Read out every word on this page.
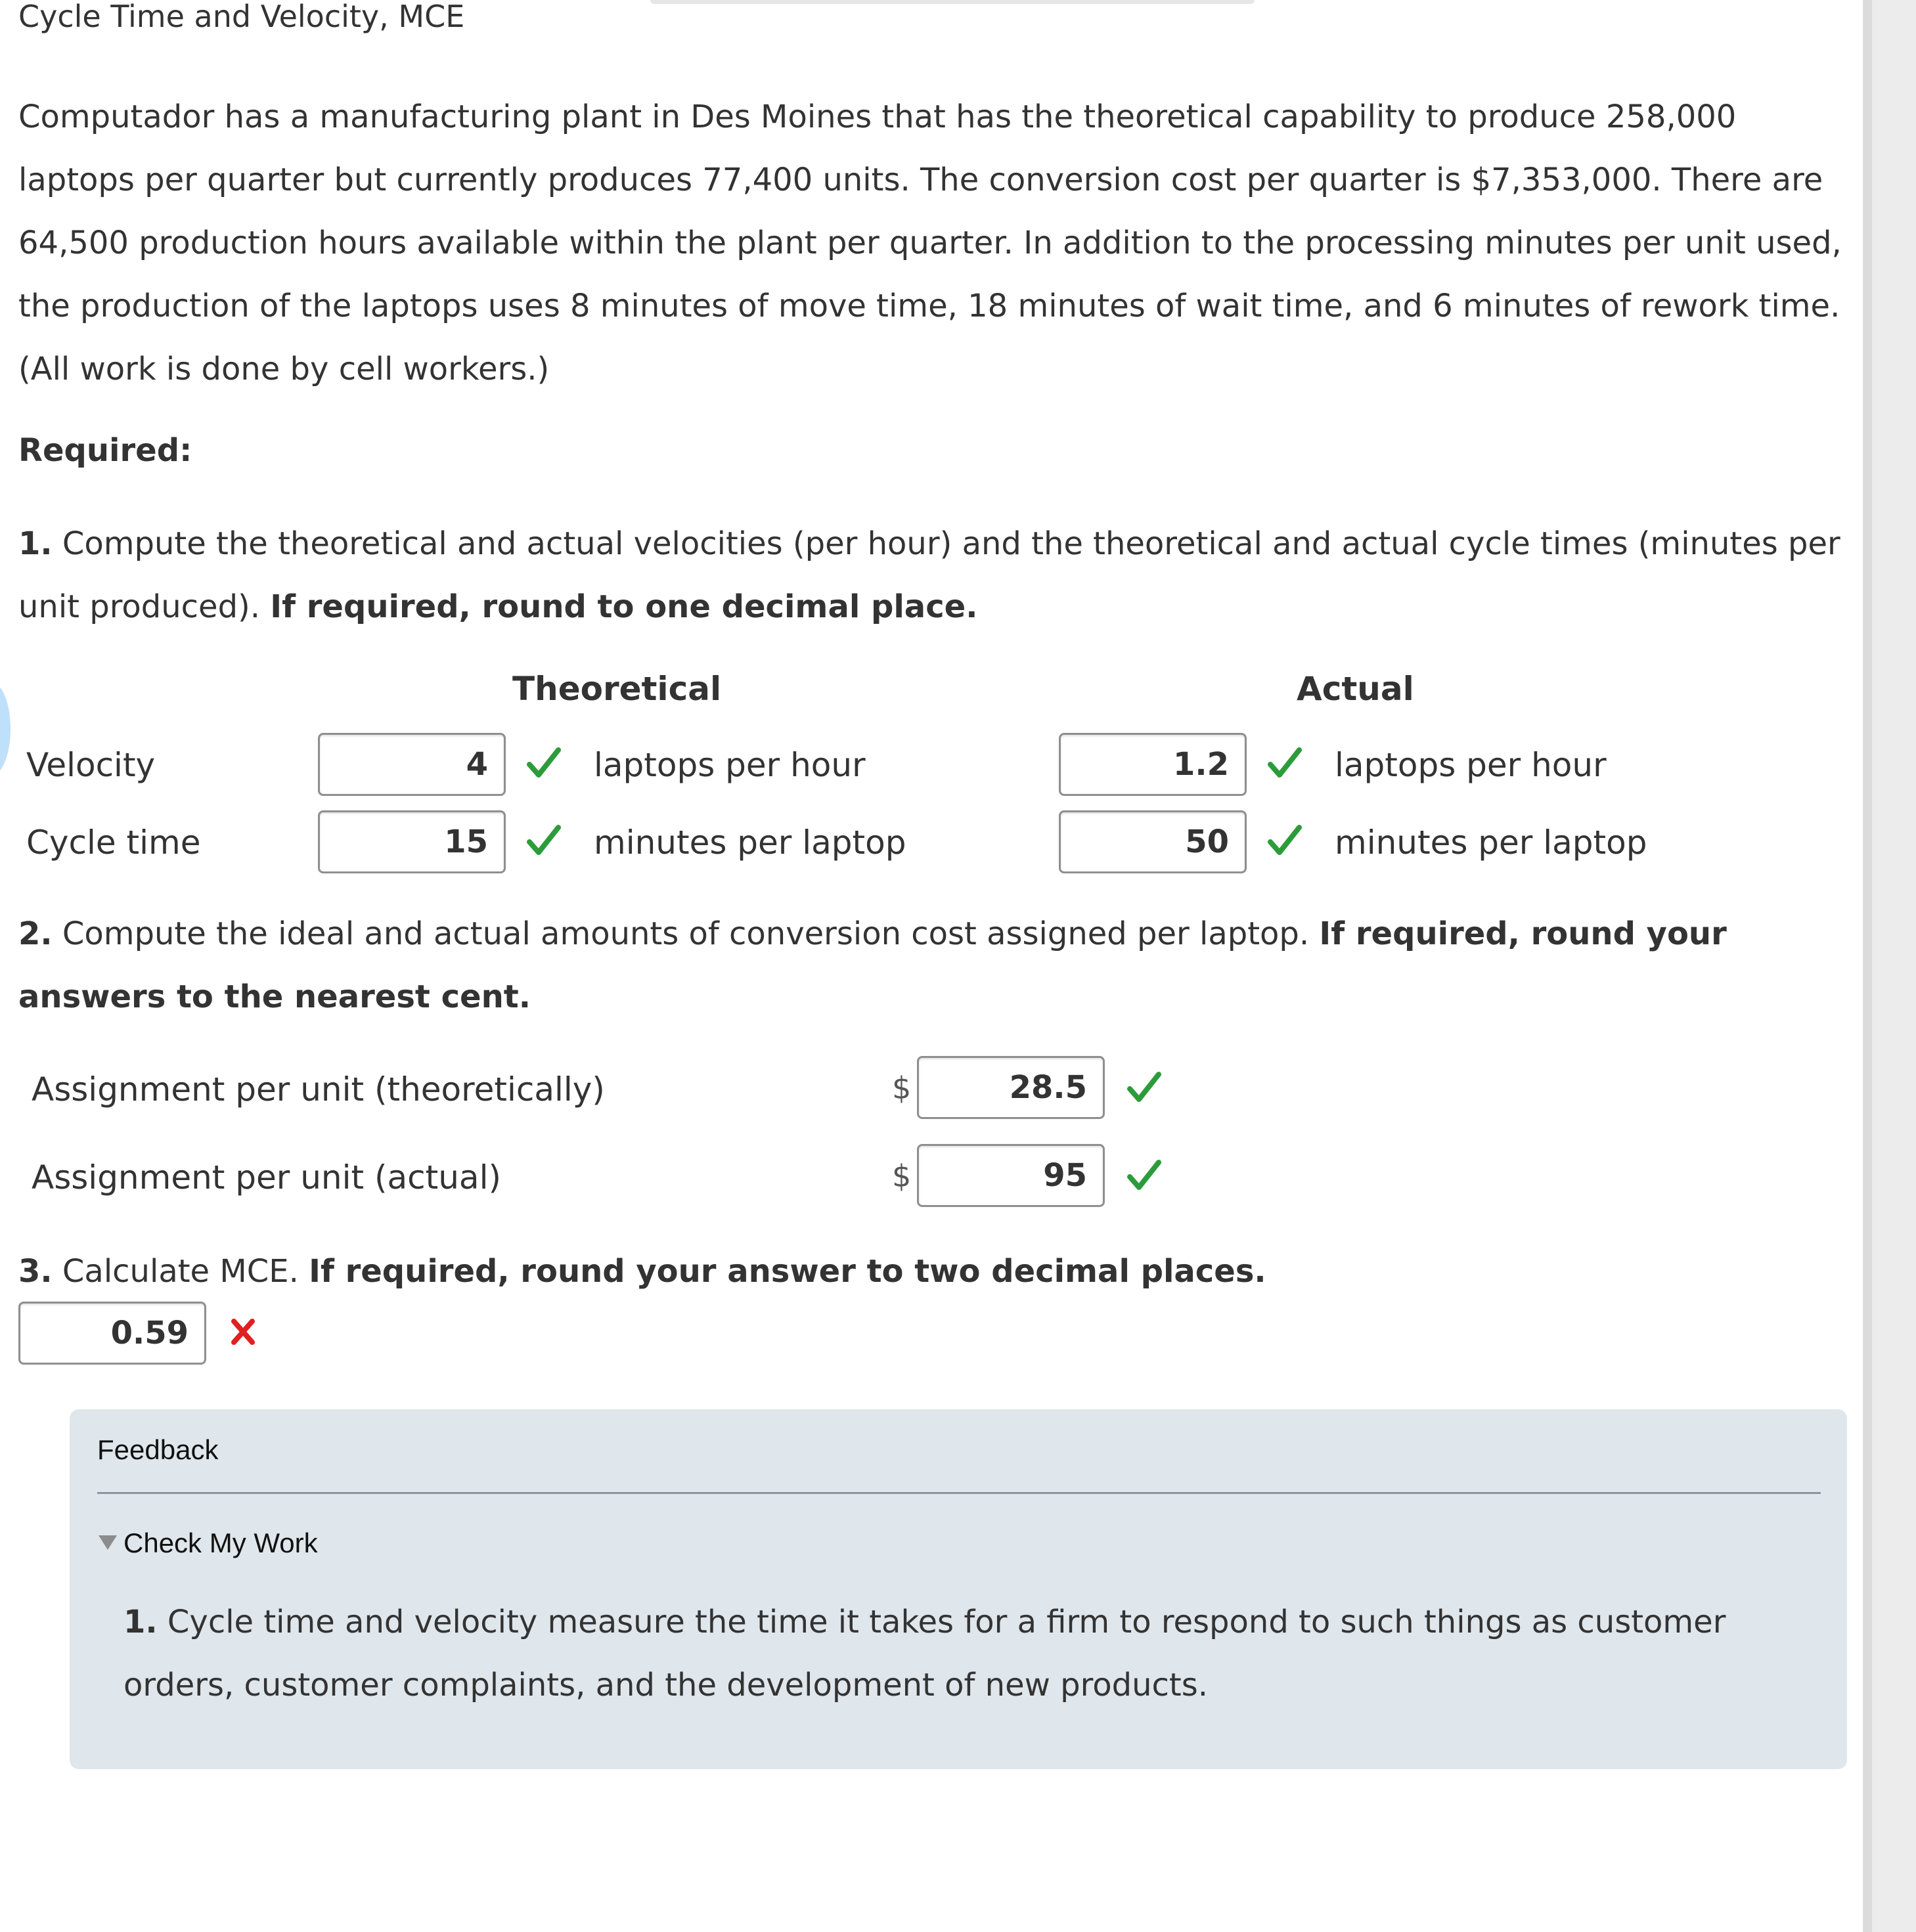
Cycle Time and Velocity, MCE
Computador has a manufacturing plant in Des Moines that has the theoretical capability to produce 258,000 laptops per quarter but currently produces 77,400 units. The conversion cost per quarter is $7,353,000. There are 64,500 production hours available within the plant per quarter. In addition to the processing minutes per unit used, the production of the laptops uses 8 minutes of move time, 18 minutes of wait time, and 6 minutes of rework time. (All work is done by cell workers.)
Required:
1. Compute the theoretical and actual velocities (per hour) and the theoretical and actual cycle times (minutes per unit produced). If required, round to one decimal place.
Theoretical	Actual
Velocity	4	laptops per hour	1.2	laptops per hour
Cycle time	15	minutes per laptop	50	minutes per laptop
2. Compute the ideal and actual amounts of conversion cost assigned per laptop. If required, round your answers to the nearest cent.
Assignment per unit (theoretically)	$	28.5
Assignment per unit (actual)	$	95
3. Calculate MCE. If required, round your answer to two decimal places.
0.59
Feedback
Check My Work
1. Cycle time and velocity measure the time it takes for a firm to respond to such things as customer orders, customer complaints, and the development of new products.
